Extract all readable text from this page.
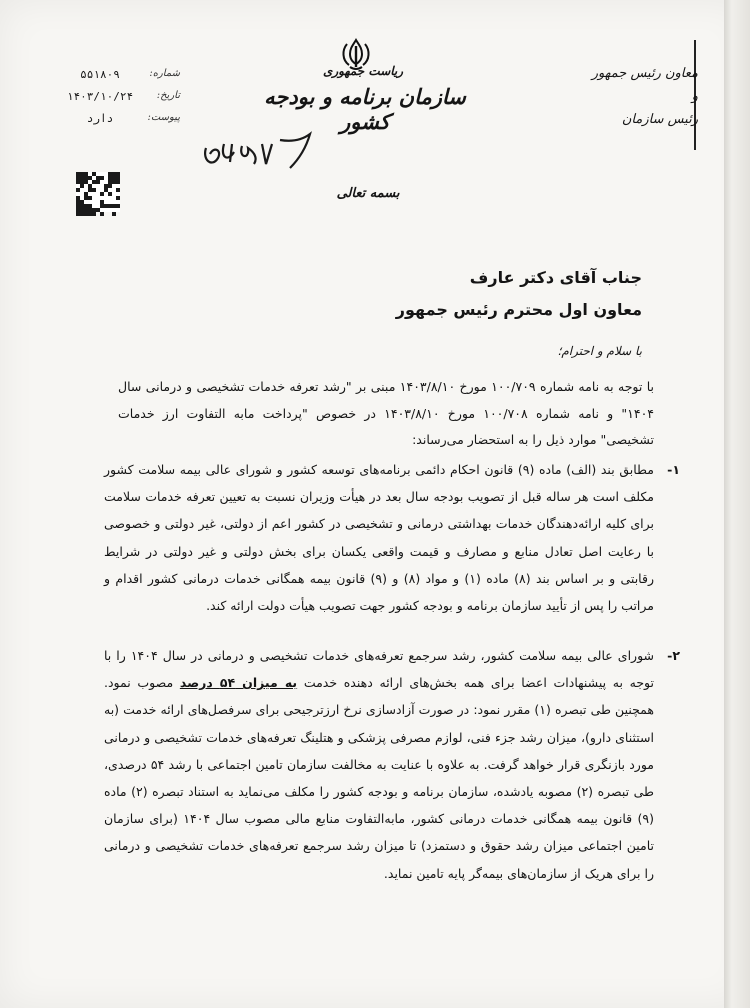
ریاست جمهوری
سازمان برنامه و بودجه کشور
شماره:
۵۵۱۸۰۹
تاریخ:
۱۴۰۳/۱۰/۲۴
پیوست:
دارد
معاون رئیس جمهور
و
رئیس سازمان
بسمه تعالی
جناب آقای دکتر عارف
معاون اول محترم رئیس جمهور
با سلام و احترام؛
با توجه به نامه شماره ۱۰۰/۷۰۹ مورخ ۱۴۰۳/۸/۱۰ مبنی بر "رشد تعرفه خدمات تشخیصی و درمانی سال ۱۴۰۴" و نامه شماره ۱۰۰/۷۰۸ مورخ ۱۴۰۳/۸/۱۰ در خصوص "پرداخت مابه التفاوت ارز خدمات تشخیصی" موارد ذیل را به استحضار می‌رساند:
۱-
مطابق بند (الف) ماده (۹) قانون احکام دائمی برنامه‌های توسعه کشور و شورای عالی بیمه سلامت کشور مکلف است هر ساله قبل از تصویب بودجه سال بعد در هیأت وزیران نسبت به تعیین تعرفه خدمات سلامت برای کلیه ارائه‌دهندگان خدمات بهداشتی درمانی و تشخیصی در کشور اعم از دولتی، غیر دولتی و خصوصی با رعایت اصل تعادل منابع و مصارف و قیمت واقعی یکسان برای بخش دولتی و غیر دولتی در شرایط رقابتی و بر اساس بند (۸) ماده (۱) و مواد (۸) و (۹) قانون بیمه همگانی خدمات درمانی کشور اقدام و مراتب را پس از تأیید سازمان برنامه و بودجه کشور جهت تصویب هیأت دولت ارائه کند.
۲-
شورای عالی بیمه سلامت کشور، رشد سرجمع تعرفه‌های خدمات تشخیصی و درمانی در سال ۱۴۰۴ را با توجه به پیشنهادات اعضا برای همه بخش‌های ارائه دهنده خدمت به میزان ۵۴ درصد مصوب نمود. همچنین طی تبصره (۱) مقرر نمود: در صورت آزادسازی نرخ ارزترجیحی برای سرفصل‌های ارائه خدمت (به استثنای دارو)، میزان رشد جزء فنی، لوازم مصرفی پزشکی و هتلینگ تعرفه‌های خدمات تشخیصی و درمانی مورد بازنگری قرار خواهد گرفت. به علاوه با عنایت به مخالفت سازمان تامین اجتماعی با رشد ۵۴ درصدی، طی تبصره (۲) مصوبه یادشده، سازمان برنامه و بودجه کشور را مکلف می‌نماید به استناد تبصره (۲) ماده (۹) قانون بیمه همگانی خدمات درمانی کشور، مابه‌التفاوت منابع مالی مصوب سال ۱۴۰۴ (برای سازمان تامین اجتماعی میزان رشد حقوق و دستمزد) تا میزان رشد سرجمع تعرفه‌های خدمات تشخیصی و درمانی را برای هریک از سازمان‌های بیمه‌گر پایه تامین نماید.
